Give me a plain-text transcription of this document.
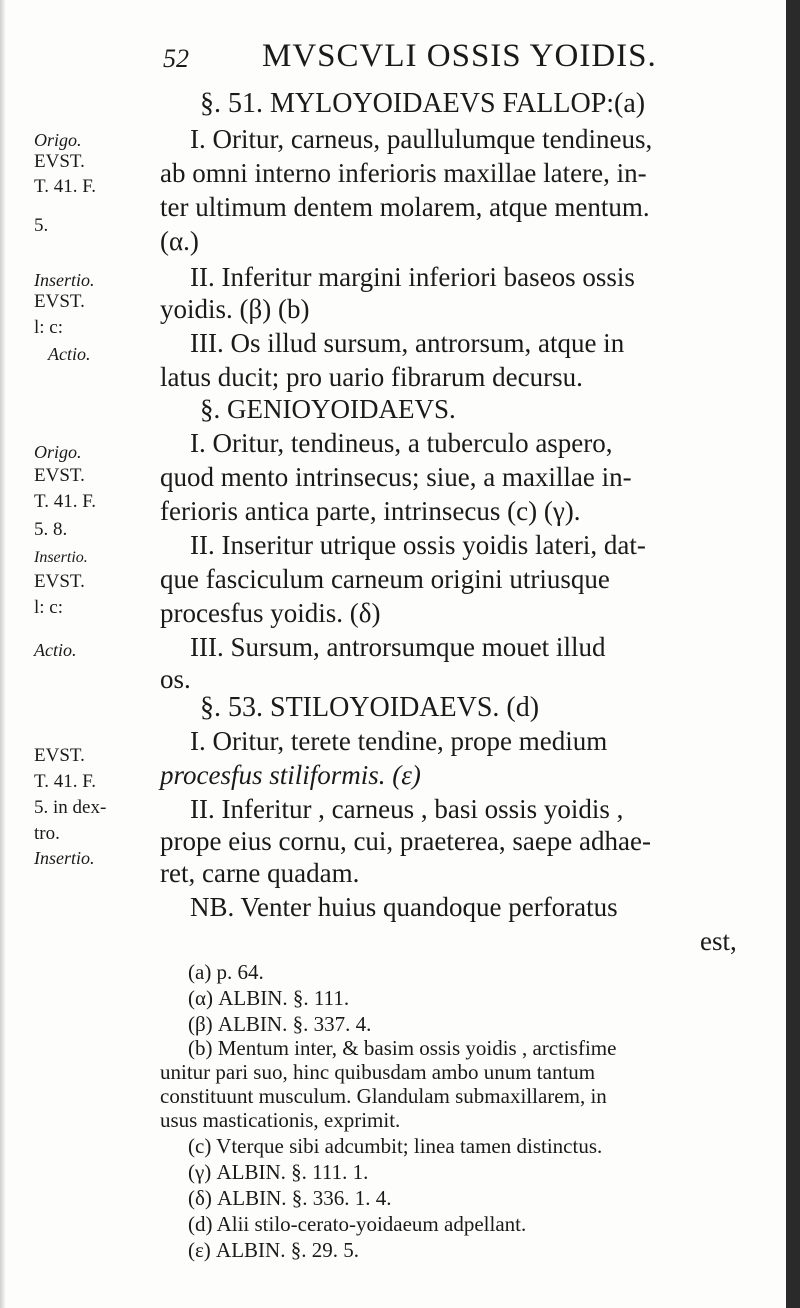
52 MVSCVLI OSSIS YOIDIS.
§. 51. MYLOYOIDAEVS FALLOP:(a)
I. Oritur, carneus, paullulumque tendineus,
ab omni interno inferioris maxillae latere, in-
ter ultimum dentem molarem, atque mentum.
(α.)
II. Inferitur margini inferiori baseos ossis
yoidis. (β) (b)
III. Os illud sursum, antrorsum, atque in
latus ducit; pro uario fibrarum decursu.
Origo.
EVST.
T. 41. F.
5.
Insertio.
EVST.
l: c:
Actio.
§. GENIOYOIDAEVS.
I. Oritur, tendineus, a tuberculo aspero,
quod mento intrinsecus; siue, a maxillae in-
ferioris antica parte, intrinsecus (c) (γ).
II. Inseritur utrique ossis yoidis lateri, dat-
que fasciculum carneum origini utriusque
procesfus yoidis. (δ)
III. Sursum, antrorsumque mouet illud
os.
Origo.
EVST.
T. 41. F.
5. 8.
Insertio.
EVST.
l: c:
Actio.
§. 53. STILOYOIDAEVS. (d)
I. Oritur, terete tendine, prope medium
procesfus stiliformis. (ε)
II. Inferitur , carneus , basi ossis yoidis ,
prope eius cornu, cui, praeterea, saepe adhae-
ret, carne quadam.
NB. Venter huius quandoque perforatus
est,
EVST.
T. 41. F.
5. in dex-
tro.
Insertio.
(a) p. 64.
(α) ALBIN. §. 111.
(β) ALBIN. §. 337. 4.
(b) Mentum inter, & basim ossis yoidis , arctisfime
unitur pari suo, hinc quibusdam ambo unum tantum
constituunt musculum. Glandulam submaxillarem, in
usus masticationis, exprimit.
(c) Vterque sibi adcumbit; linea tamen distinctus.
(γ) ALBIN. §. 111. 1.
(δ) ALBIN. §. 336. 1. 4.
(d) Alii stilo-cerato-yoidaeum adpellant.
(ε) ALBIN. §. 29. 5.
